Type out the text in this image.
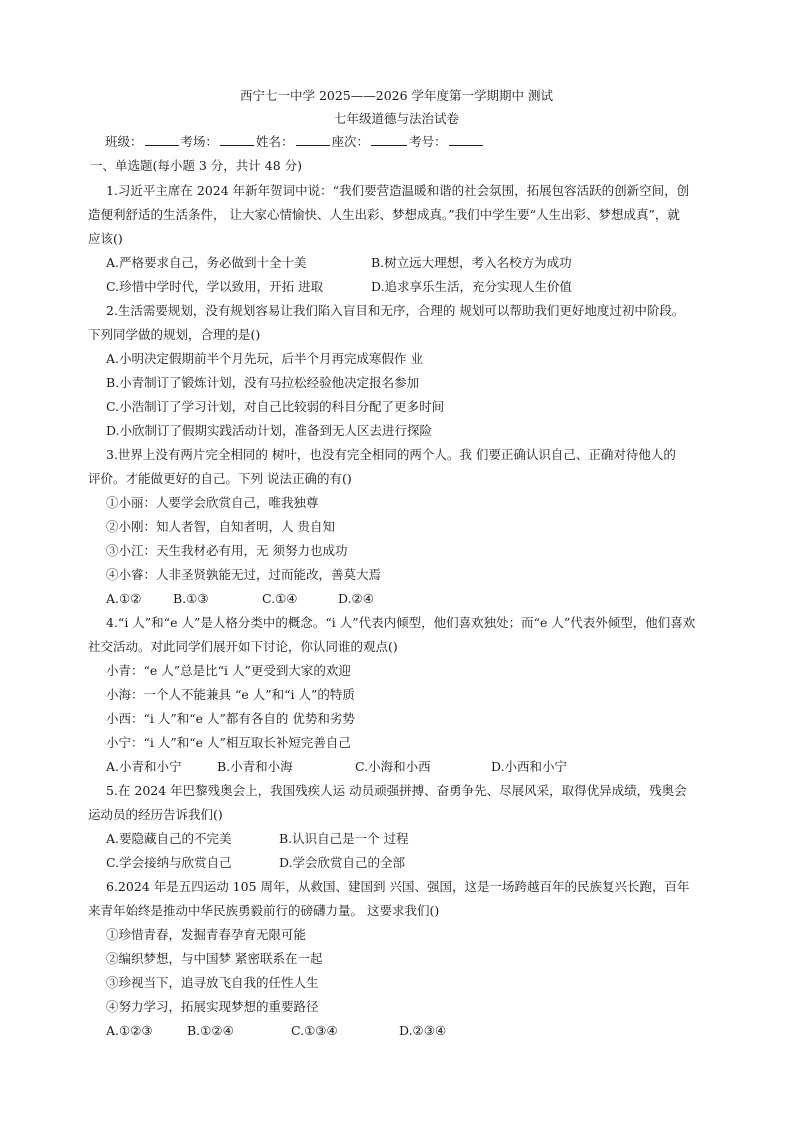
西宁七一中学 2025——2026 学年度第一学期期中 测试
七年级道德与法治试卷
班级：	考场：	姓名：	座次：	考号：
一、单选题(每小题 3 分，共计 48 分)
1.习近平主席在 2024 年新年贺词中说：“我们要营造温暖和谐的社会氛围，拓展包容活跃的创新空间，创
造便利舒适的生活条件， 让大家心情愉快、人生出彩、梦想成真。”我们中学生要“人生出彩、梦想成真”，就
应该()
A.严格要求自己，务必做到十全十美	B.树立远大理想，考入名校方为成功
C.珍惜中学时代，学以致用，开拓 进取	D.追求享乐生活，充分实现人生价值
2.生活需要规划，没有规划容易让我们陷入盲目和无序，合理的 规划可以帮助我们更好地度过初中阶段。
下列同学做的规划，合理的是()
A.小明决定假期前半个月先玩，后半个月再完成寒假作 业
B.小青制订了锻炼计划，没有马拉松经验他决定报名参加
C.小浩制订了学习计划，对自己比较弱的科目分配了更多时间
D.小欣制订了假期实践活动计划，准备到无人区去进行探险
3.世界上没有两片完全相同的 树叶，也没有完全相同的两个人。我 们要正确认识自己、正确对待他人的
评价。才能做更好的自己。下列 说法正确的有()
①小丽：人要学会欣赏自己，唯我独尊
②小刚：知人者智，自知者明，人 贵自知
③小江：天生我材必有用，无 须努力也成功
④小睿：人非圣贤孰能无过，过而能改，善莫大焉
A.①②	B.①③	C.①④	D.②④
4.“i 人”和“e 人”是人格分类中的概念。“i 人”代表内倾型，他们喜欢独处；而“e 人”代表外倾型，他们喜欢
社交活动。对此同学们展开如下讨论，你认同谁的观点()
小青：“e 人”总是比“i 人”更受到大家的欢迎
小海：一个人不能兼具 “e 人”和“i 人”的特质
小西：“i 人”和“e 人”都有各自的 优势和劣势
小宁：“i 人”和“e 人”相互取长补短完善自己
A.小青和小宁	B.小青和小海	C.小海和小西	D.小西和小宁
5.在 2024 年巴黎残奥会上，我国残疾人运 动员顽强拼搏、奋勇争先、尽展风采，取得优异成绩，残奥会
运动员的经历告诉我们()
A.要隐藏自己的不完美	B.认识自己是一个 过程
C.学会接纳与欣赏自己	D.学会欣赏自己的全部
6.2024 年是五四运动 105 周年，从救国、建国到 兴国、强国，这是一场跨越百年的民族复兴长跑，百年
来青年始终是推动中华民族勇毅前行的磅礴力量。 这要求我们()
①珍惜青春，发掘青春孕育无限可能
②编织梦想，与中国梦 紧密联系在一起
③珍视当下，追寻放飞自我的任性人生
④努力学习，拓展实现梦想的重要路径
A.①②③	B.①②④	C.①③④	D.②③④
